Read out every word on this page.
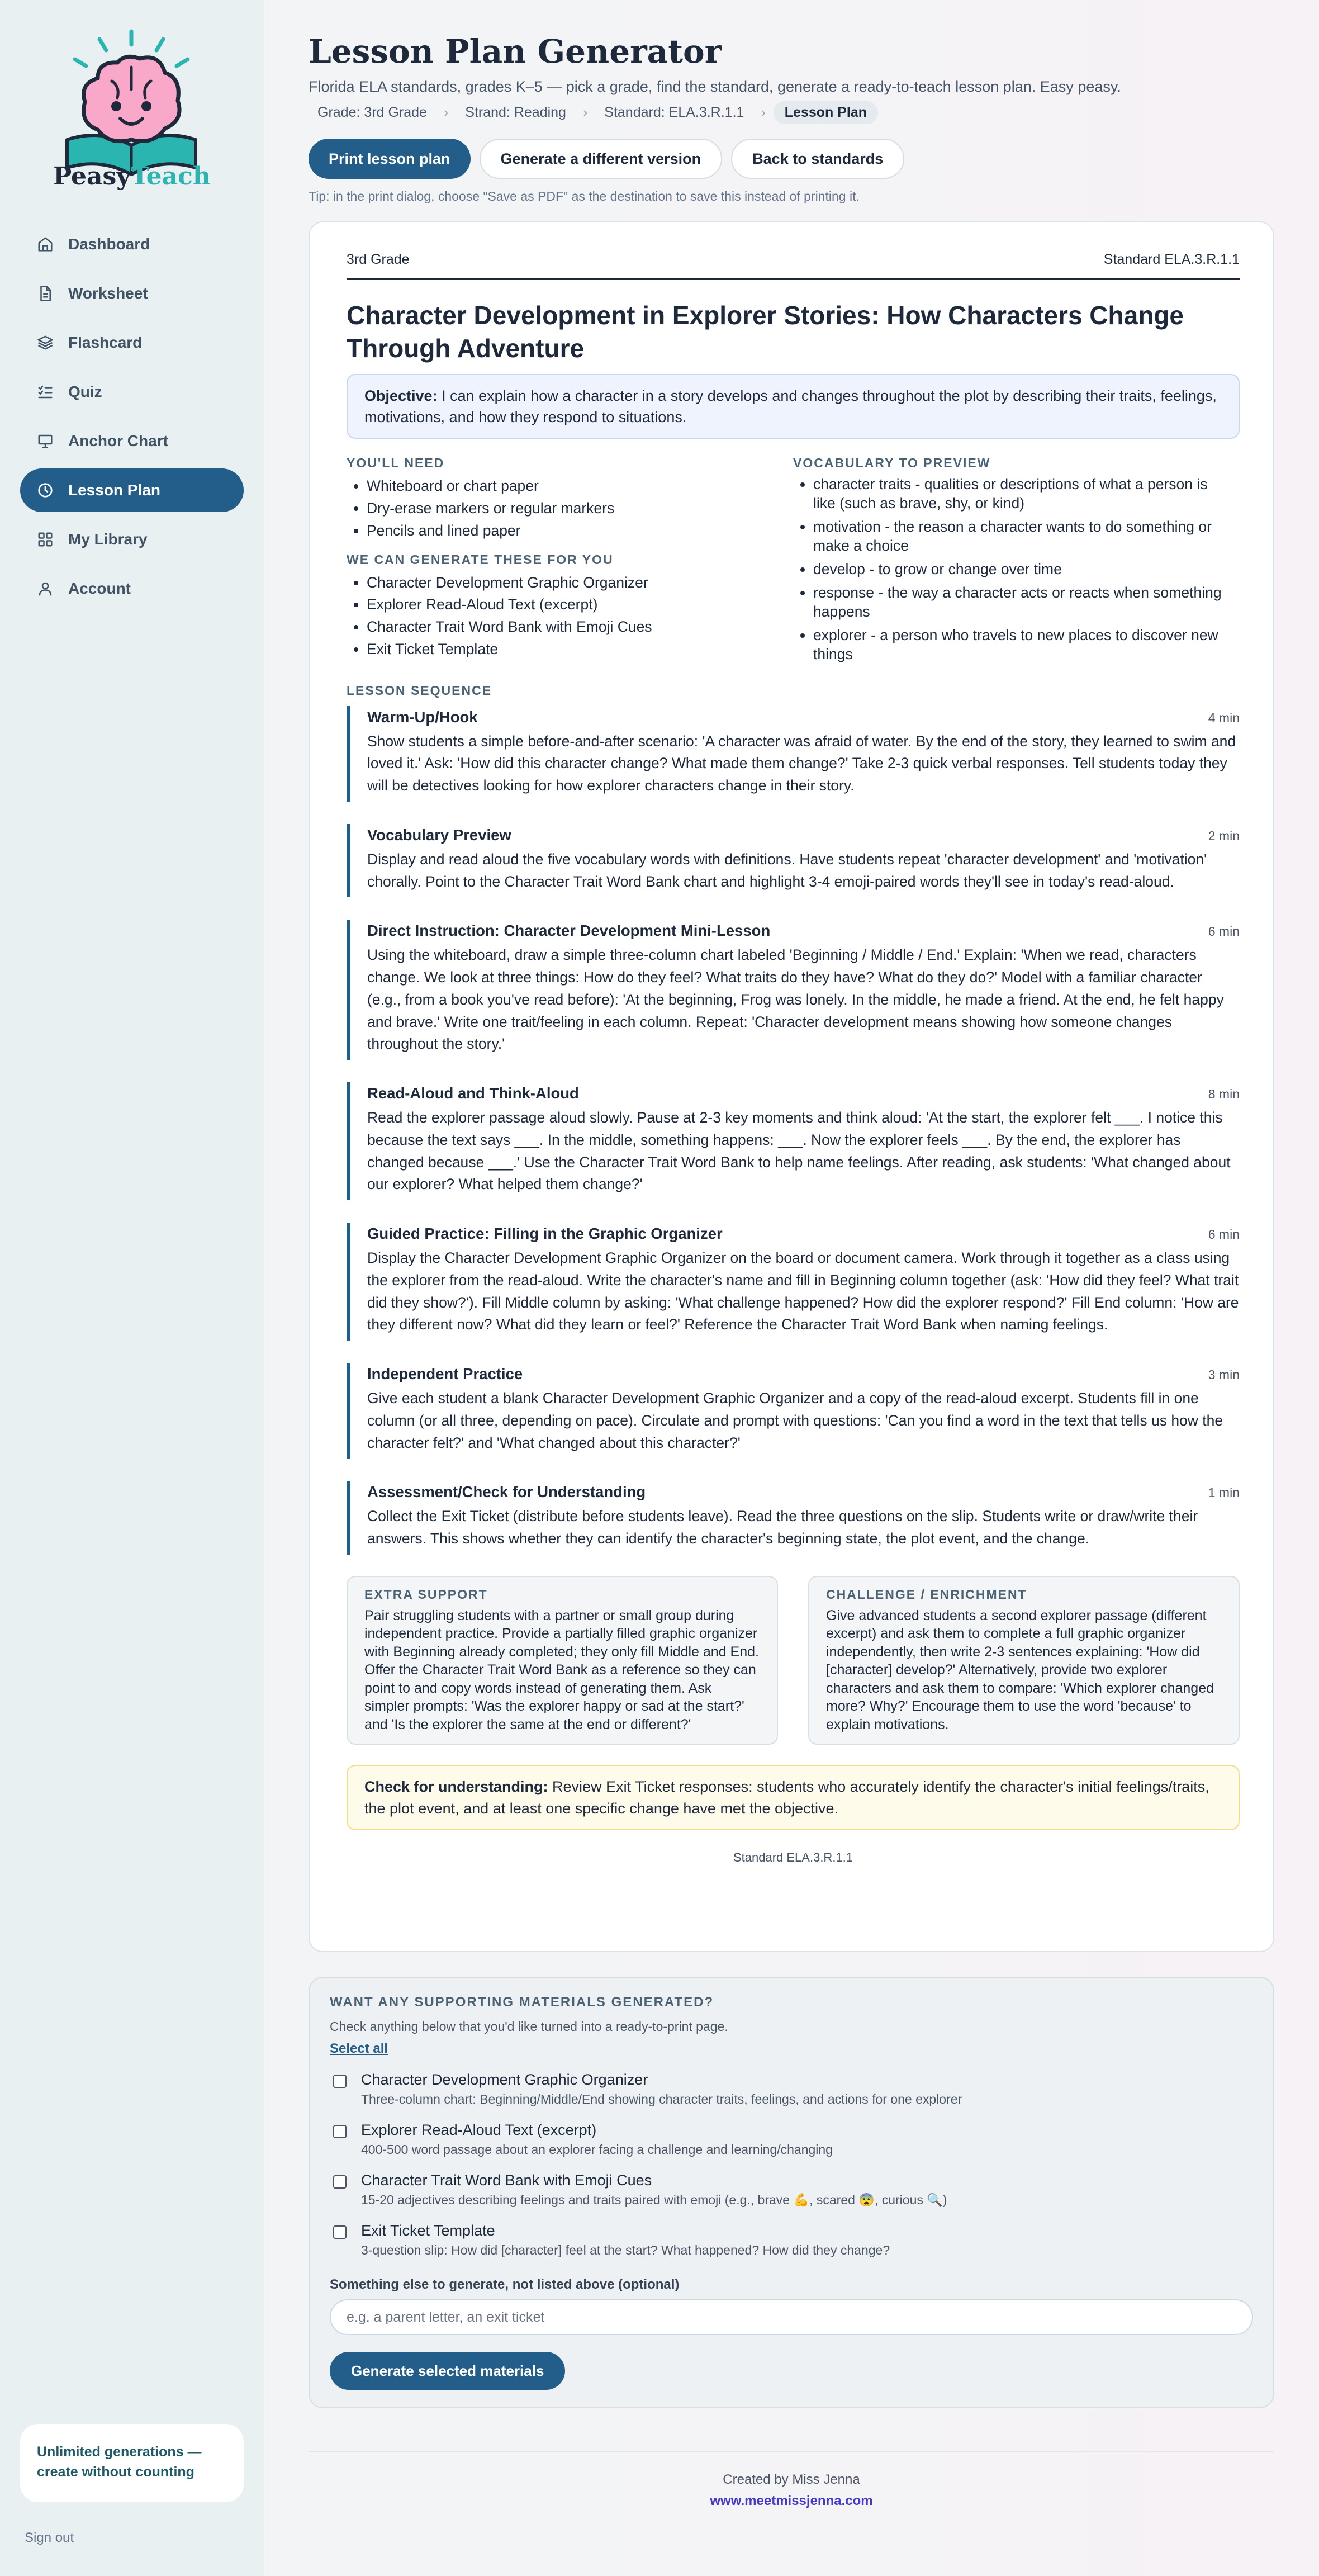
PeasyTeach
Dashboard
Worksheet
Flashcard
Quiz
Anchor Chart
Lesson Plan
My Library
Account
Unlimited generations — create without counting
Sign out
Lesson Plan Generator
Florida ELA standards, grades K–5 — pick a grade, find the standard, generate a ready-to-teach lesson plan. Easy peasy.
Grade: 3rd Grade	›	Strand: Reading	›	Standard: ELA.3.R.1.1	›	Lesson Plan
Print lesson plan	Generate a different version	Back to standards
Tip: in the print dialog, choose "Save as PDF" as the destination to save this instead of printing it.
3rd Grade	Standard ELA.3.R.1.1
Character Development in Explorer Stories: How Characters Change Through Adventure
Objective: I can explain how a character in a story develops and changes throughout the plot by describing their traits, feelings, motivations, and how they respond to situations.
YOU'LL NEED
• Whiteboard or chart paper
• Dry-erase markers or regular markers
• Pencils and lined paper
WE CAN GENERATE THESE FOR YOU
• Character Development Graphic Organizer
• Explorer Read-Aloud Text (excerpt)
• Character Trait Word Bank with Emoji Cues
• Exit Ticket Template
VOCABULARY TO PREVIEW
• character traits - qualities or descriptions of what a person is like (such as brave, shy, or kind)
• motivation - the reason a character wants to do something or make a choice
• develop - to grow or change over time
• response - the way a character acts or reacts when something happens
• explorer - a person who travels to new places to discover new things
LESSON SEQUENCE
Warm-Up/Hook	4 min
Show students a simple before-and-after scenario: 'A character was afraid of water. By the end of the story, they learned to swim and loved it.' Ask: 'How did this character change? What made them change?' Take 2-3 quick verbal responses. Tell students today they will be detectives looking for how explorer characters change in their story.
Vocabulary Preview	2 min
Display and read aloud the five vocabulary words with definitions. Have students repeat 'character development' and 'motivation' chorally. Point to the Character Trait Word Bank chart and highlight 3-4 emoji-paired words they'll see in today's read-aloud.
Direct Instruction: Character Development Mini-Lesson	6 min
Using the whiteboard, draw a simple three-column chart labeled 'Beginning / Middle / End.' Explain: 'When we read, characters change. We look at three things: How do they feel? What traits do they have? What do they do?' Model with a familiar character (e.g., from a book you've read before): 'At the beginning, Frog was lonely. In the middle, he made a friend. At the end, he felt happy and brave.' Write one trait/feeling in each column. Repeat: 'Character development means showing how someone changes throughout the story.'
Read-Aloud and Think-Aloud	8 min
Read the explorer passage aloud slowly. Pause at 2-3 key moments and think aloud: 'At the start, the explorer felt ___. I notice this because the text says ___. In the middle, something happens: ___. Now the explorer feels ___. By the end, the explorer has changed because ___.' Use the Character Trait Word Bank to help name feelings. After reading, ask students: 'What changed about our explorer? What helped them change?'
Guided Practice: Filling in the Graphic Organizer	6 min
Display the Character Development Graphic Organizer on the board or document camera. Work through it together as a class using the explorer from the read-aloud. Write the character's name and fill in Beginning column together (ask: 'How did they feel? What trait did they show?'). Fill Middle column by asking: 'What challenge happened? How did the explorer respond?' Fill End column: 'How are they different now? What did they learn or feel?' Reference the Character Trait Word Bank when naming feelings.
Independent Practice	3 min
Give each student a blank Character Development Graphic Organizer and a copy of the read-aloud excerpt. Students fill in one column (or all three, depending on pace). Circulate and prompt with questions: 'Can you find a word in the text that tells us how the character felt?' and 'What changed about this character?'
Assessment/Check for Understanding	1 min
Collect the Exit Ticket (distribute before students leave). Read the three questions on the slip. Students write or draw/write their answers. This shows whether they can identify the character's beginning state, the plot event, and the change.
EXTRA SUPPORT
Pair struggling students with a partner or small group during independent practice. Provide a partially filled graphic organizer with Beginning already completed; they only fill Middle and End. Offer the Character Trait Word Bank as a reference so they can point to and copy words instead of generating them. Ask simpler prompts: 'Was the explorer happy or sad at the start?' and 'Is the explorer the same at the end or different?'
CHALLENGE / ENRICHMENT
Give advanced students a second explorer passage (different excerpt) and ask them to complete a full graphic organizer independently, then write 2-3 sentences explaining: 'How did [character] develop?' Alternatively, provide two explorer characters and ask them to compare: 'Which explorer changed more? Why?' Encourage them to use the word 'because' to explain motivations.
Check for understanding: Review Exit Ticket responses: students who accurately identify the character's initial feelings/traits, the plot event, and at least one specific change have met the objective.
Standard ELA.3.R.1.1
WANT ANY SUPPORTING MATERIALS GENERATED?
Check anything below that you'd like turned into a ready-to-print page.
Select all
Character Development Graphic Organizer
Three-column chart: Beginning/Middle/End showing character traits, feelings, and actions for one explorer
Explorer Read-Aloud Text (excerpt)
400-500 word passage about an explorer facing a challenge and learning/changing
Character Trait Word Bank with Emoji Cues
15-20 adjectives describing feelings and traits paired with emoji (e.g., brave 💪, scared 😨, curious 🔍)
Exit Ticket Template
3-question slip: How did [character] feel at the start? What happened? How did they change?
Something else to generate, not listed above (optional)
e.g. a parent letter, an exit ticket
Generate selected materials
Created by Miss Jenna
www.meetmissjenna.com
